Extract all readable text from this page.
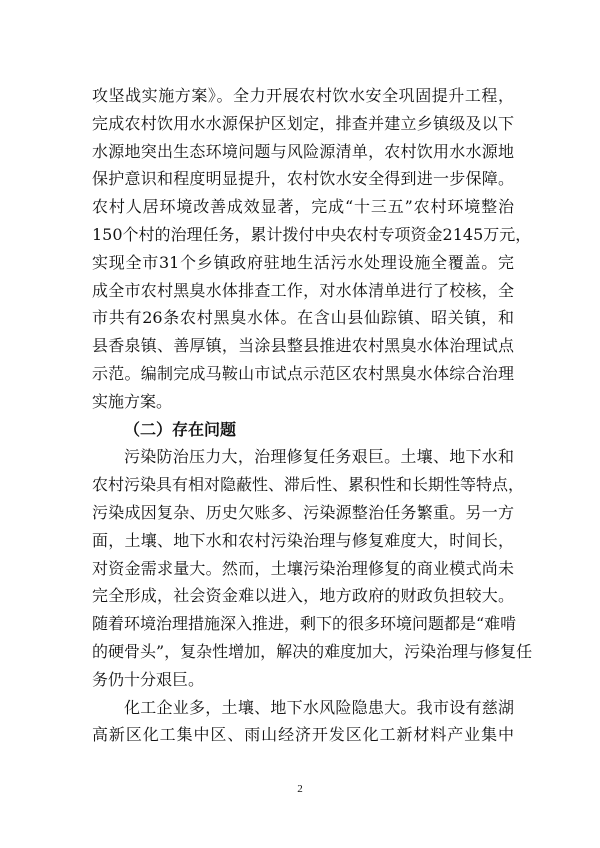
攻坚战实施方案》。全力开展农村饮水安全巩固提升工程，
完成农村饮用水水源保护区划定，排查并建立乡镇级及以下
水源地突出生态环境问题与风险源清单，农村饮用水水源地
保护意识和程度明显提升，农村饮水安全得到进一步保障。
农村人居环境改善成效显著，完成“十三五”农村环境整治
150个村的治理任务，累计拨付中央农村专项资金2145万元，
实现全市31个乡镇政府驻地生活污水处理设施全覆盖。完
成全市农村黑臭水体排查工作，对水体清单进行了校核，全
市共有26条农村黑臭水体。在含山县仙踪镇、昭关镇，和
县香泉镇、善厚镇，当涂县整县推进农村黑臭水体治理试点
示范。编制完成马鞍山市试点示范区农村黑臭水体综合治理
实施方案。
（二）存在问题
污染防治压力大，治理修复任务艰巨。土壤、地下水和
农村污染具有相对隐蔽性、滞后性、累积性和长期性等特点，
污染成因复杂、历史欠账多、污染源整治任务繁重。另一方
面，土壤、地下水和农村污染治理与修复难度大，时间长，
对资金需求量大。然而，土壤污染治理修复的商业模式尚未
完全形成，社会资金难以进入，地方政府的财政负担较大。
随着环境治理措施深入推进，剩下的很多环境问题都是“难啃
的硬骨头”，复杂性增加，解决的难度加大，污染治理与修复任
务仍十分艰巨。
化工企业多，土壤、地下水风险隐患大。我市设有慈湖
高新区化工集中区、雨山经济开发区化工新材料产业集中
2
